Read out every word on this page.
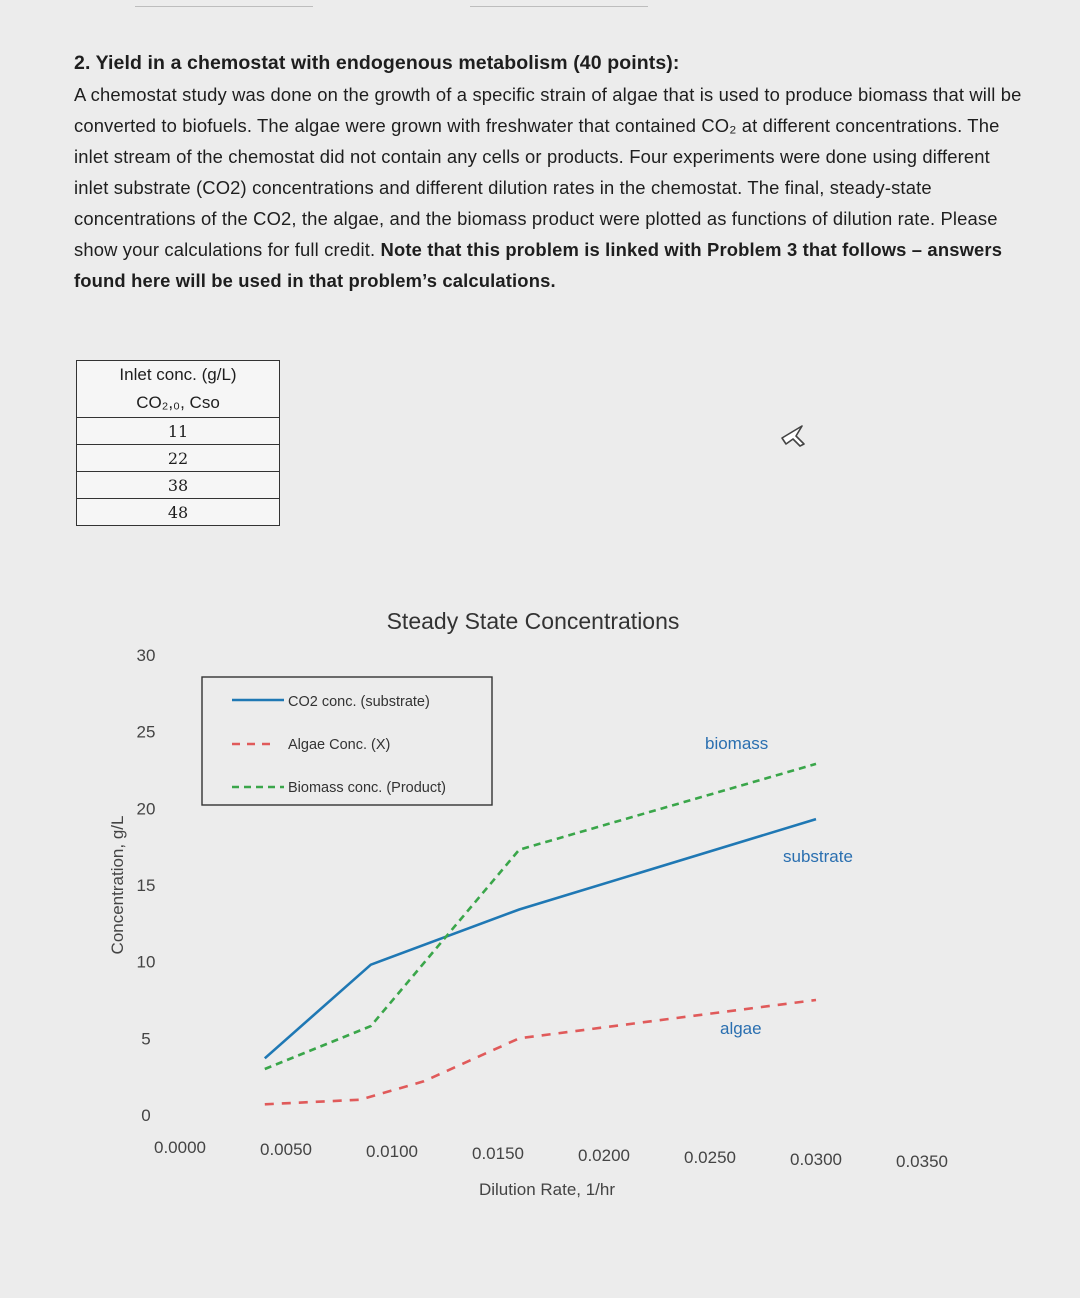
2. Yield in a chemostat with endogenous metabolism (40 points):

A chemostat study was done on the growth of a specific strain of algae that is used to produce biomass that will be converted to biofuels. The algae were grown with freshwater that contained CO₂ at different concentrations. The inlet stream of the chemostat did not contain any cells or products. Four experiments were done using different inlet substrate (CO2) concentrations and different dilution rates in the chemostat. The final, steady-state concentrations of the CO2, the algae, and the biomass product were plotted as functions of dilution rate. Please show your calculations for full credit. Note that this problem is linked with Problem 3 that follows – answers found here will be used in that problem’s calculations.

Inlet conc. (g/L)
CO₂,₀, Cso
11
22
38
48
Steady State Concentrations
Dilution Rate, 1/hr
Concentration, g/L
0
5
10
15
20
25
30
0.0000	0.0050	0.0100	0.0150	0.0200	0.0250	0.0300	0.0350
CO2 conc. (substrate)
Algae Conc. (X)
Biomass conc. (Product)
biomass
substrate
algae
